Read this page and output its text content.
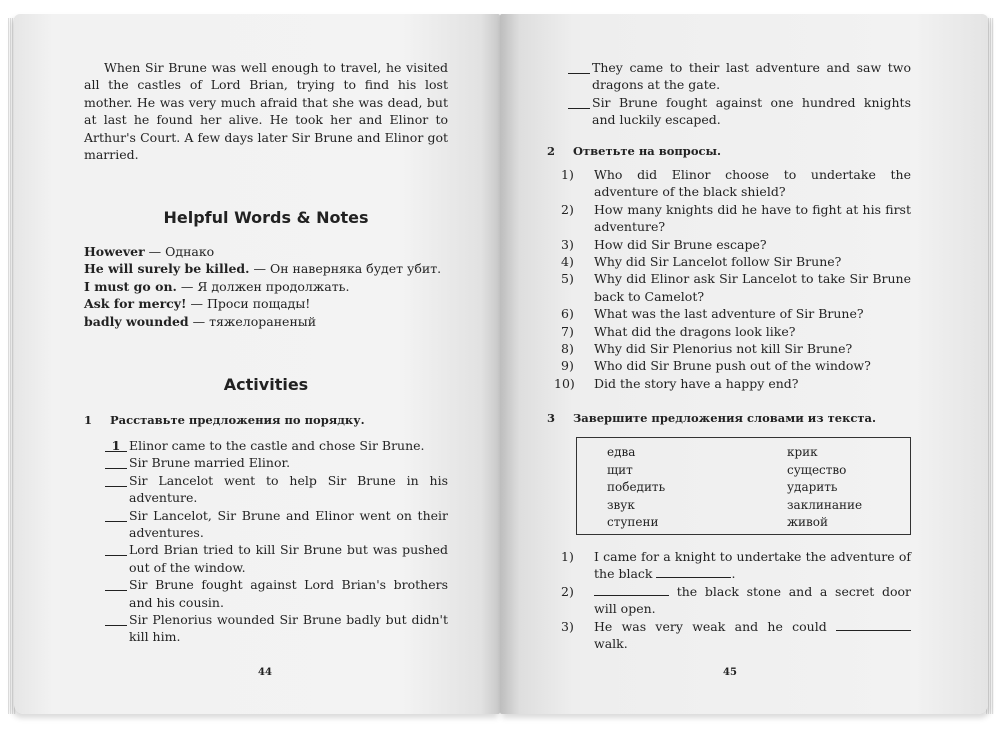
When Sir Brune was well enough to travel, he visited all the castles of Lord Brian, trying to find his lost mother. He was very much afraid that she was dead, but at last he found her alive. He took her and Elinor to Arthur's Court. A few days later Sir Brune and Elinor got married.
Helpful Words & Notes
However — Однако
He will surely be killed. — Он наверняка будет убит.
I must go on. — Я должен продолжать.
Ask for mercy! — Проси пощады!
badly wounded — тяжелораненый
Activities
1 Расставьте предложения по порядку.
1 Elinor came to the castle and chose Sir Brune.
Sir Brune married Elinor.
Sir Lancelot went to help Sir Brune in his adventure.
Sir Lancelot, Sir Brune and Elinor went on their adventures.
Lord Brian tried to kill Sir Brune but was pushed out of the window.
Sir Brune fought against Lord Brian's brothers and his cousin.
Sir Plenorius wounded Sir Brune badly but didn't kill him.
44
They came to their last adventure and saw two dragons at the gate.
Sir Brune fought against one hundred knights and luckily escaped.
2 Ответьте на вопросы.
1) Who did Elinor choose to undertake the adventure of the black shield?
2) How many knights did he have to fight at his first adventure?
3) How did Sir Brune escape?
4) Why did Sir Lancelot follow Sir Brune?
5) Why did Elinor ask Sir Lancelot to take Sir Brune back to Camelot?
6) What was the last adventure of Sir Brune?
7) What did the dragons look like?
8) Why did Sir Plenorius not kill Sir Brune?
9) Who did Sir Brune push out of the window?
10) Did the story have a happy end?
3 Завершите предложения словами из текста.
едва
щит
победить
звук
ступени
крик
существо
ударить
заклинание
живой
1) I came for a knight to undertake the adventure of the black	.
2)	the black stone and a secret door will open.
3) He was very weak and he could  walk.
45
